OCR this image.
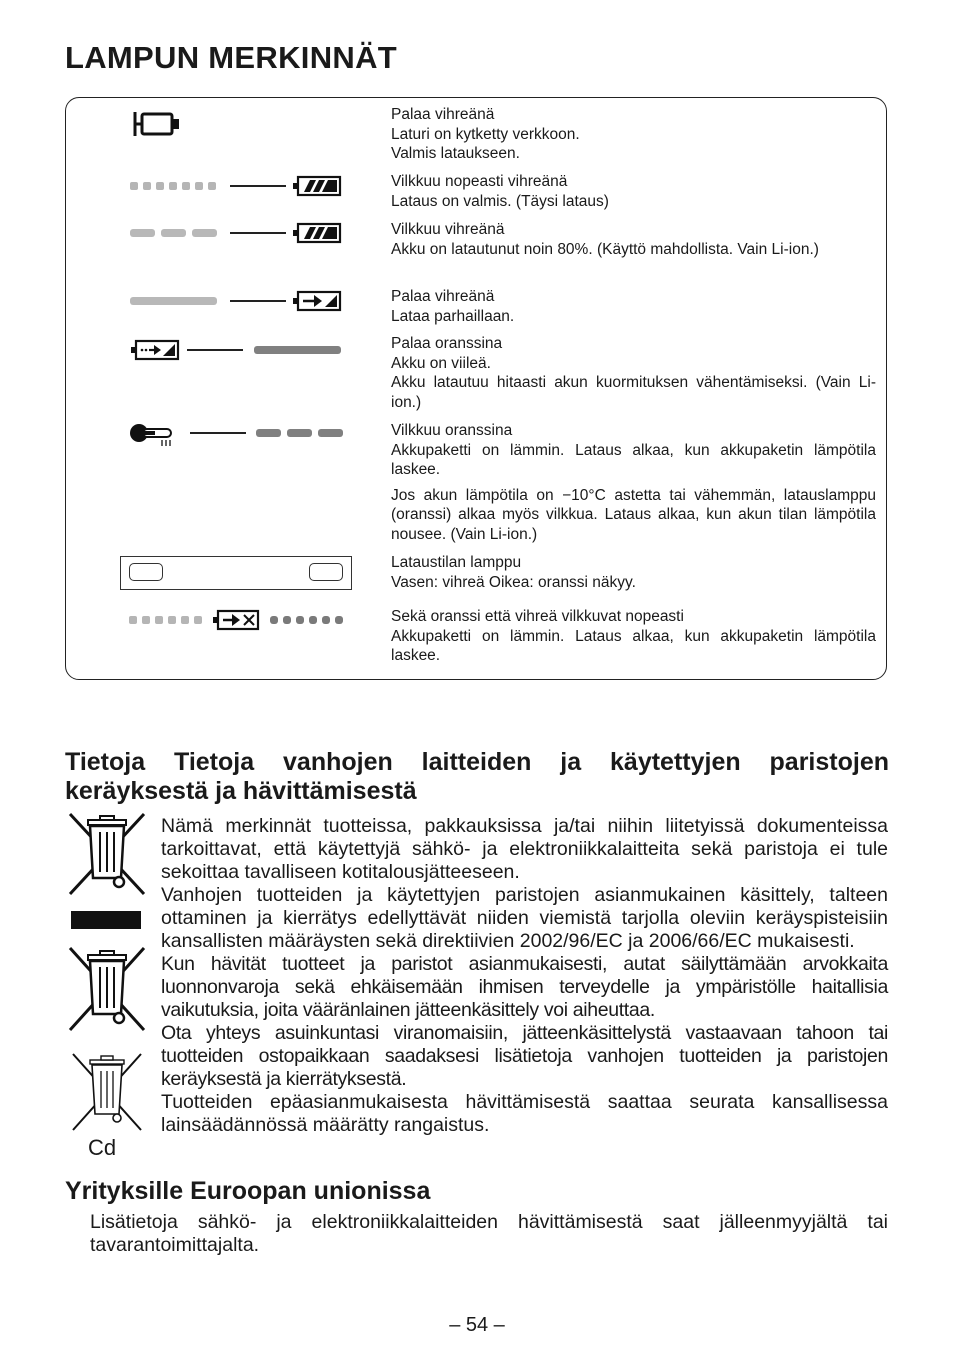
LAMPUN MERKINNÄT

Palaa vihreänä

Laturi on kytketty verkkoon.

Valmis lataukseen.

Vilkkuu nopeasti vihreänä

Lataus on valmis. (Täysi lataus)

Vilkkuu vihreänä

Akku on latautunut noin 80%. (Käyttö mahdollista. Vain Li-ion.)

Palaa vihreänä

Lataa parhaillaan.

Palaa oranssina

Akku on viileä.

Akku latautuu hitaasti akun kuormituksen vähentämiseksi. (Vain Li-ion.)

Vilkkuu oranssina

Akkupaketti on lämmin. Lataus alkaa, kun akkupaketin lämpötila laskee.

Jos akun lämpötila on −10°C astetta tai vähemmän, latauslamppu (oranssi) alkaa myös vilkkua. Lataus alkaa, kun akun tilan lämpötila nousee. (Vain Li-ion.)

Lataustilan lamppu

Vasen: vihreä Oikea: oranssi näkyy.

Sekä oranssi että vihreä vilkkuvat nopeasti

Akkupaketti on lämmin. Lataus alkaa, kun akkupaketin lämpötila laskee.

Tietoja Tietoja vanhojen laitteiden ja käytettyjen paristojen keräyksestä ja hävittämisestä
Cd

Nämä merkinnät tuotteissa, pakkauksissa ja/tai niihin liitetyissä dokumenteissa tarkoittavat, että käytettyjä sähkö- ja elektroniikkalaitteita sekä paristoja ei tule sekoittaa tavalliseen kotitalousjätteeseen.

Vanhojen tuotteiden ja käytettyjen paristojen asianmukainen käsittely, talteen ottaminen ja kierrätys edellyttävät niiden viemistä tarjolla oleviin keräyspisteisiin kansallisten määräysten sekä direktiivien 2002/96/EC ja 2006/66/EC mukaisesti.

Kun hävität tuotteet ja paristot asianmukaisesti, autat säilyttämään arvokkaita luonnonvaroja sekä ehkäisemään ihmisen terveydelle ja ympäristölle haitallisia vaikutuksia, joita vääränlainen jätteenkäsittely voi aiheuttaa.

Ota yhteys asuinkuntasi viranomaisiin, jätteenkäsittelystä vastaavaan tahoon tai tuotteiden ostopaikkaan saadaksesi lisätietoja vanhojen tuotteiden ja paristojen keräyksestä ja kierrätyksestä.

Tuotteiden epäasianmukaisesta hävittämisestä saattaa seurata kansallisessa lainsäädännössä määrätty rangaistus.

Yrityksille Euroopan unionissa

Lisätietoja sähkö- ja elektroniikkalaitteiden hävittämisestä saat jälleenmyyjältä tai tavarantoimittajalta.

– 54 –
